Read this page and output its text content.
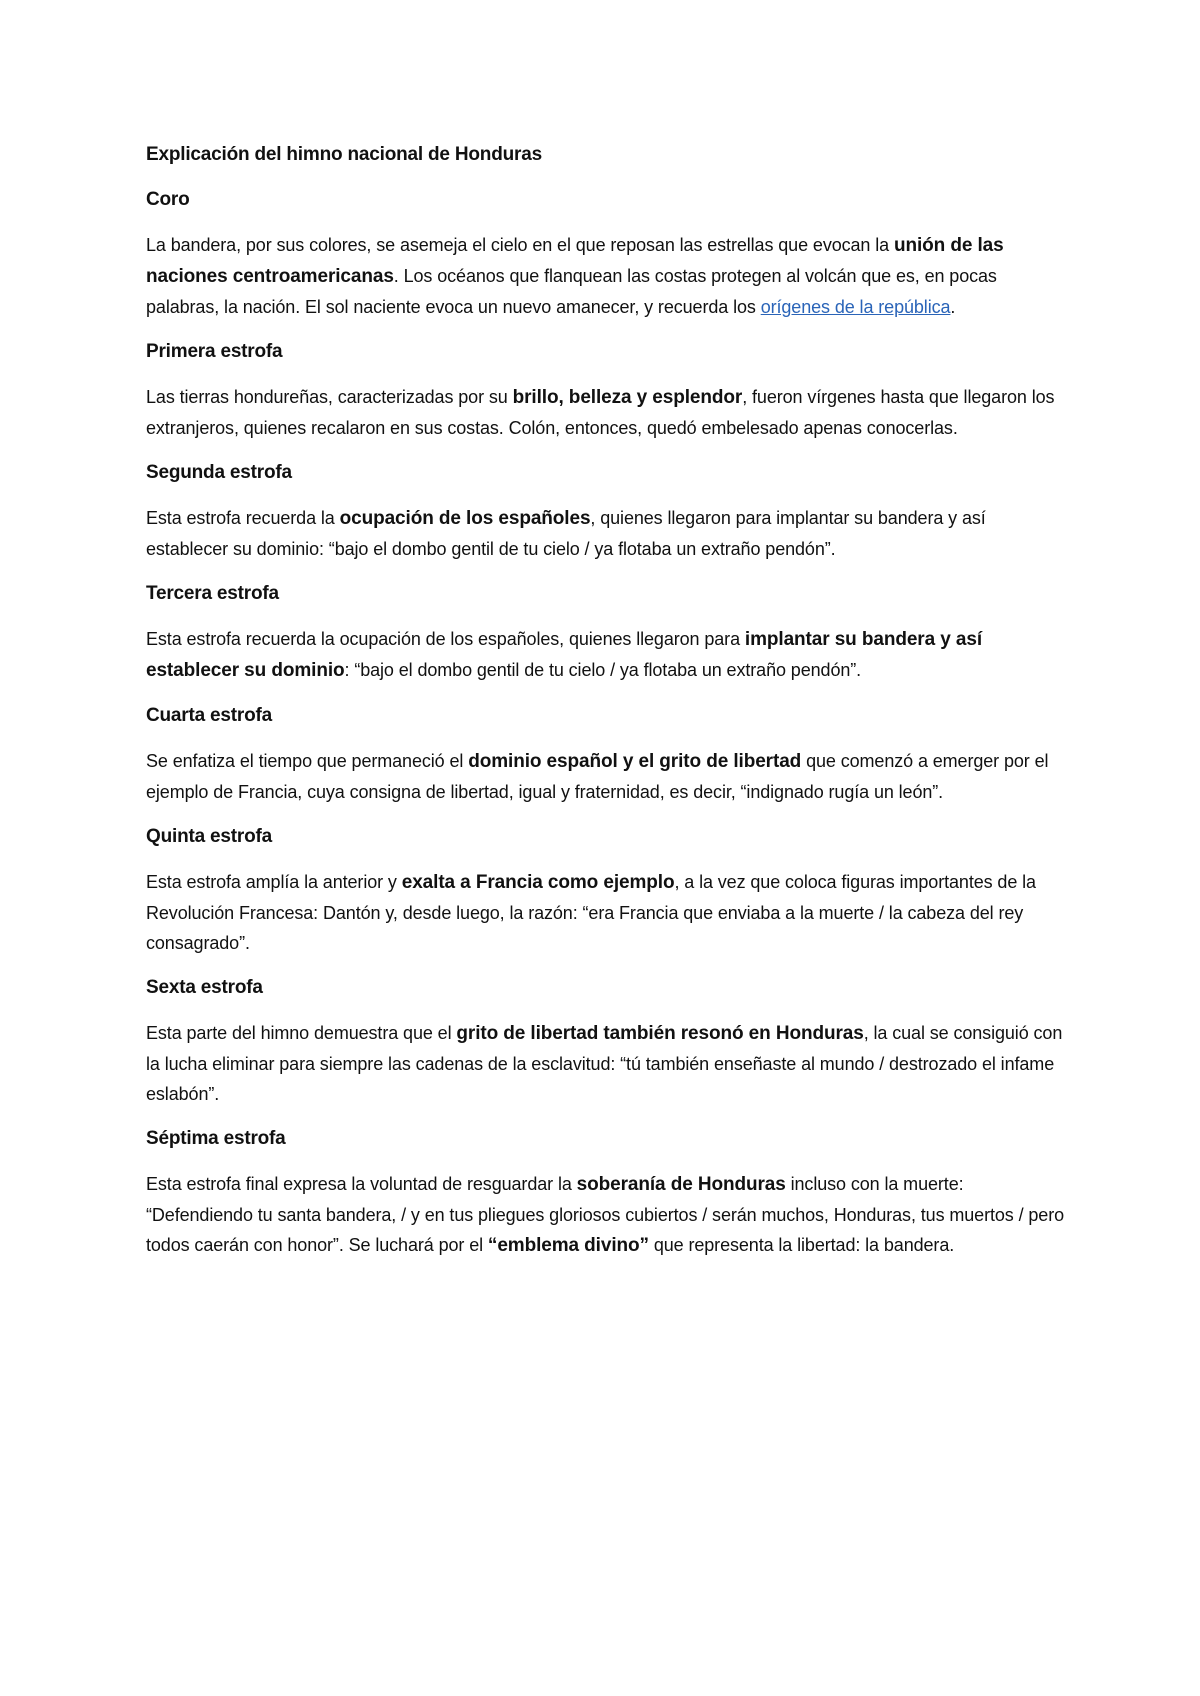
Explicación del himno nacional de Honduras
Coro

La bandera, por sus colores, se asemeja el cielo en el que reposan las estrellas que evocan la unión de las naciones centroamericanas. Los océanos que flanquean las costas protegen al volcán que es, en pocas palabras, la nación. El sol naciente evoca un nuevo amanecer, y recuerda los orígenes de la república.

Primera estrofa

Las tierras hondureñas, caracterizadas por su brillo, belleza y esplendor, fueron vírgenes hasta que llegaron los extranjeros, quienes recalaron en sus costas. Colón, entonces, quedó embelesado apenas conocerlas.

Segunda estrofa

Esta estrofa recuerda la ocupación de los españoles, quienes llegaron para implantar su bandera y así establecer su dominio: “bajo el dombo gentil de tu cielo / ya flotaba un extraño pendón”.

Tercera estrofa

Esta estrofa recuerda la ocupación de los españoles, quienes llegaron para implantar su bandera y así establecer su dominio: “bajo el dombo gentil de tu cielo / ya flotaba un extraño pendón”.

Cuarta estrofa

Se enfatiza el tiempo que permaneció el dominio español y el grito de libertad que comenzó a emerger por el ejemplo de Francia, cuya consigna de libertad, igual y fraternidad, es decir, “indignado rugía un león”.

Quinta estrofa

Esta estrofa amplía la anterior y exalta a Francia como ejemplo, a la vez que coloca figuras importantes de la Revolución Francesa: Dantón y, desde luego, la razón: “era Francia que enviaba a la muerte / la cabeza del rey consagrado”.

Sexta estrofa

Esta parte del himno demuestra que el grito de libertad también resonó en Honduras, la cual se consiguió con la lucha eliminar para siempre las cadenas de la esclavitud: “tú también enseñaste al mundo / destrozado el infame eslabón”.

Séptima estrofa

Esta estrofa final expresa la voluntad de resguardar la soberanía de Honduras incluso con la muerte: “Defendiendo tu santa bandera, / y en tus pliegues gloriosos cubiertos / serán muchos, Honduras, tus muertos / pero todos caerán con honor”. Se luchará por el “emblema divino” que representa la libertad: la bandera.
